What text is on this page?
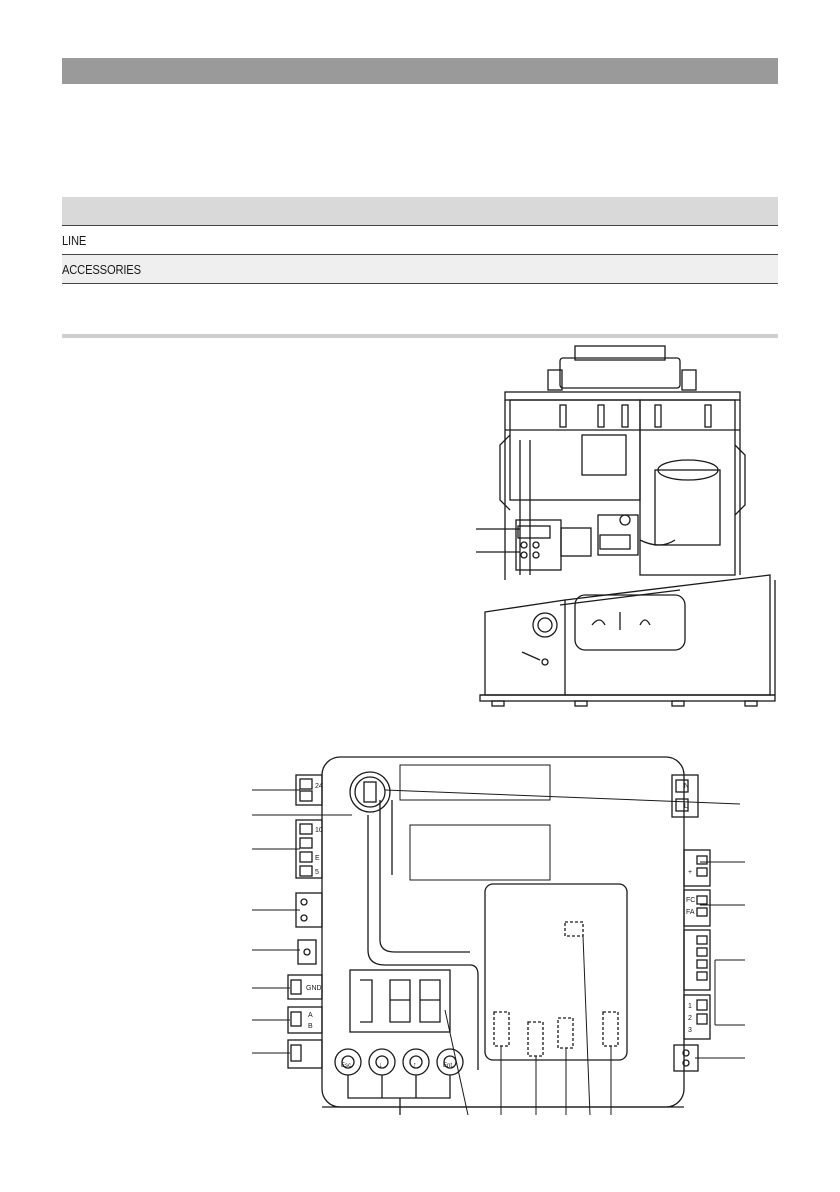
LINE
ACCESSORIES
24
10
E
5
GND
A
B
N
L
+
FC
FA
1
2
3
Esc	↓	↑	Ent
